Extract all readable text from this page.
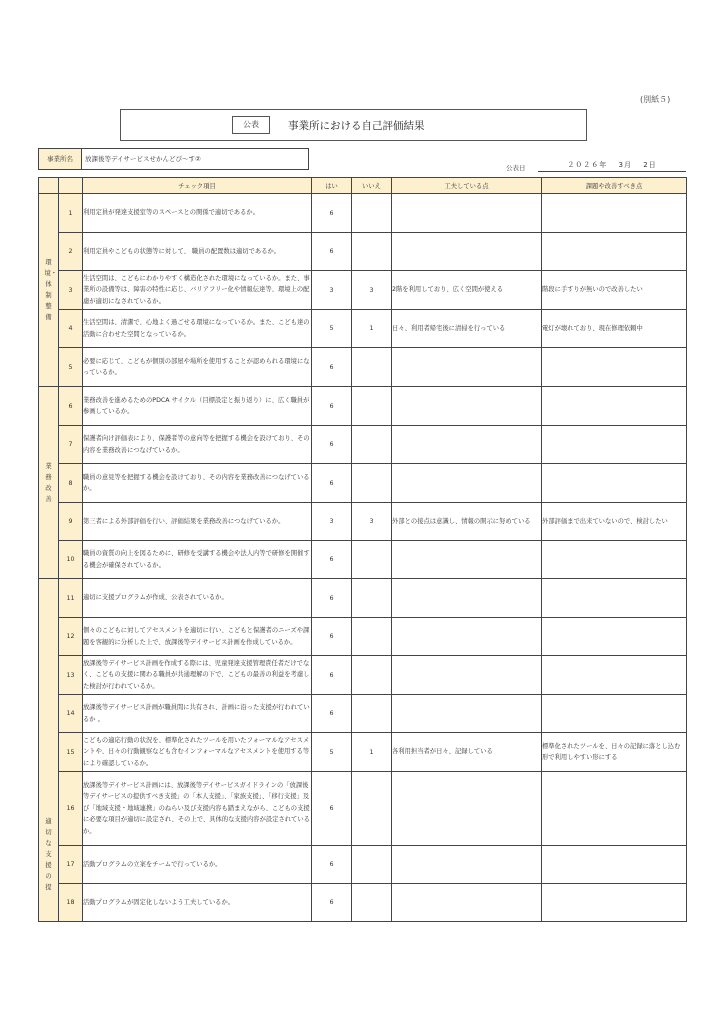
(別紙５)
公表	事業所における自己評価結果
事業所名	放課後等デイサービスせかんどぴ〜す②
公表日	２０２６年　 3月　 2日
		チェック項目	はい	いいえ	工夫している点	課題や改善すべき点
環境・体制整備	1	利用定員が発達支援室等のスペースとの関係で適切であるか。	6			
	2	利用定員やこどもの状態等に対して、 職員の配置数は適切であるか。	6			
	3	生活空間は、こどもにわかりやすく構造化された環境になっているか。また、事業所の設備等は、障害の特性に応じ、バリアフリー化や情報伝達等、環境上の配慮が適切になされているか。	3	3	2階を利用しており、広く空間が使える	階段に手すりが無いので改善したい
	4	生活空間は、清潔で、心地よく過ごせる環境になっているか。また、こども達の活動に合わせた空間となっているか。	5	1	日々、利用者帰宅後に清掃を行っている	電灯が壊れており、現在修理依頼中
	5	必要に応じて、こどもが個別の部屋や場所を使用することが認められる環境になっているか。	6			
業務改善	6	業務改善を進めるためのPDCA サイクル（目標設定と振り返り）に、広く職員が参画しているか。	6			
	7	保護者向け評価表により、保護者等の意向等を把握する機会を設けており、その内容を業務改善につなげているか。	6			
	8	職員の意見等を把握する機会を設けており、その内容を業務改善につなげているか。	6			
	9	第三者による外部評価を行い、評価結果を業務改善につなげているか。	3	3	外部との接点は意識し、情報の開示に努めている	外部評価まで出来ていないので、検討したい
	10	職員の資質の向上を図るために、研修を受講する機会や法人内等で研修を開催する機会が確保されているか。	6			
適切な支援の提	11	適切に支援プログラムが作成、公表されているか。	6			
	12	個々のこどもに対してアセスメントを適切に行い、こどもと保護者のニーズや課題を客観的に分析した上で、放課後等デイサービス計画を作成しているか。	6			
	13	放課後等デイサービス計画を作成する際には、児童発達支援管理責任者だけでなく、こどもの支援に関わる職員が共通理解の下で、こどもの最善の利益を考慮した検討が行われているか。	6			
	14	放課後等デイサービス計画が職員間に共有され、計画に沿った支援が行われているか 。	6			
	15	こどもの適応行動の状況を、標準化されたツールを用いたフォーマルなアセスメントや、日々の行動観察なども含むインフォーマルなアセスメントを使用する等により確認しているか。	5	1	各利用担当者が日々、記録している	標準化されたツールを、日々の記録に落とし込む形で利用しやすい形にする
	16	放課後等デイサービス計画には、放課後等デイサービスガイドラインの「放課後等デイサービスの提供すべき支援」の「本人支援」、「家族支援」、「移行支援」及び「地域支援・地域連携」のねらい及び支援内容も踏まえながら、こどもの支援に必要な項目が適切に設定され、その上で、具体的な支援内容が設定されているか。	6			
	17	活動プログラムの立案をチームで行っているか。	6			
	18	活動プログラムが固定化しないよう工夫しているか。	6			
